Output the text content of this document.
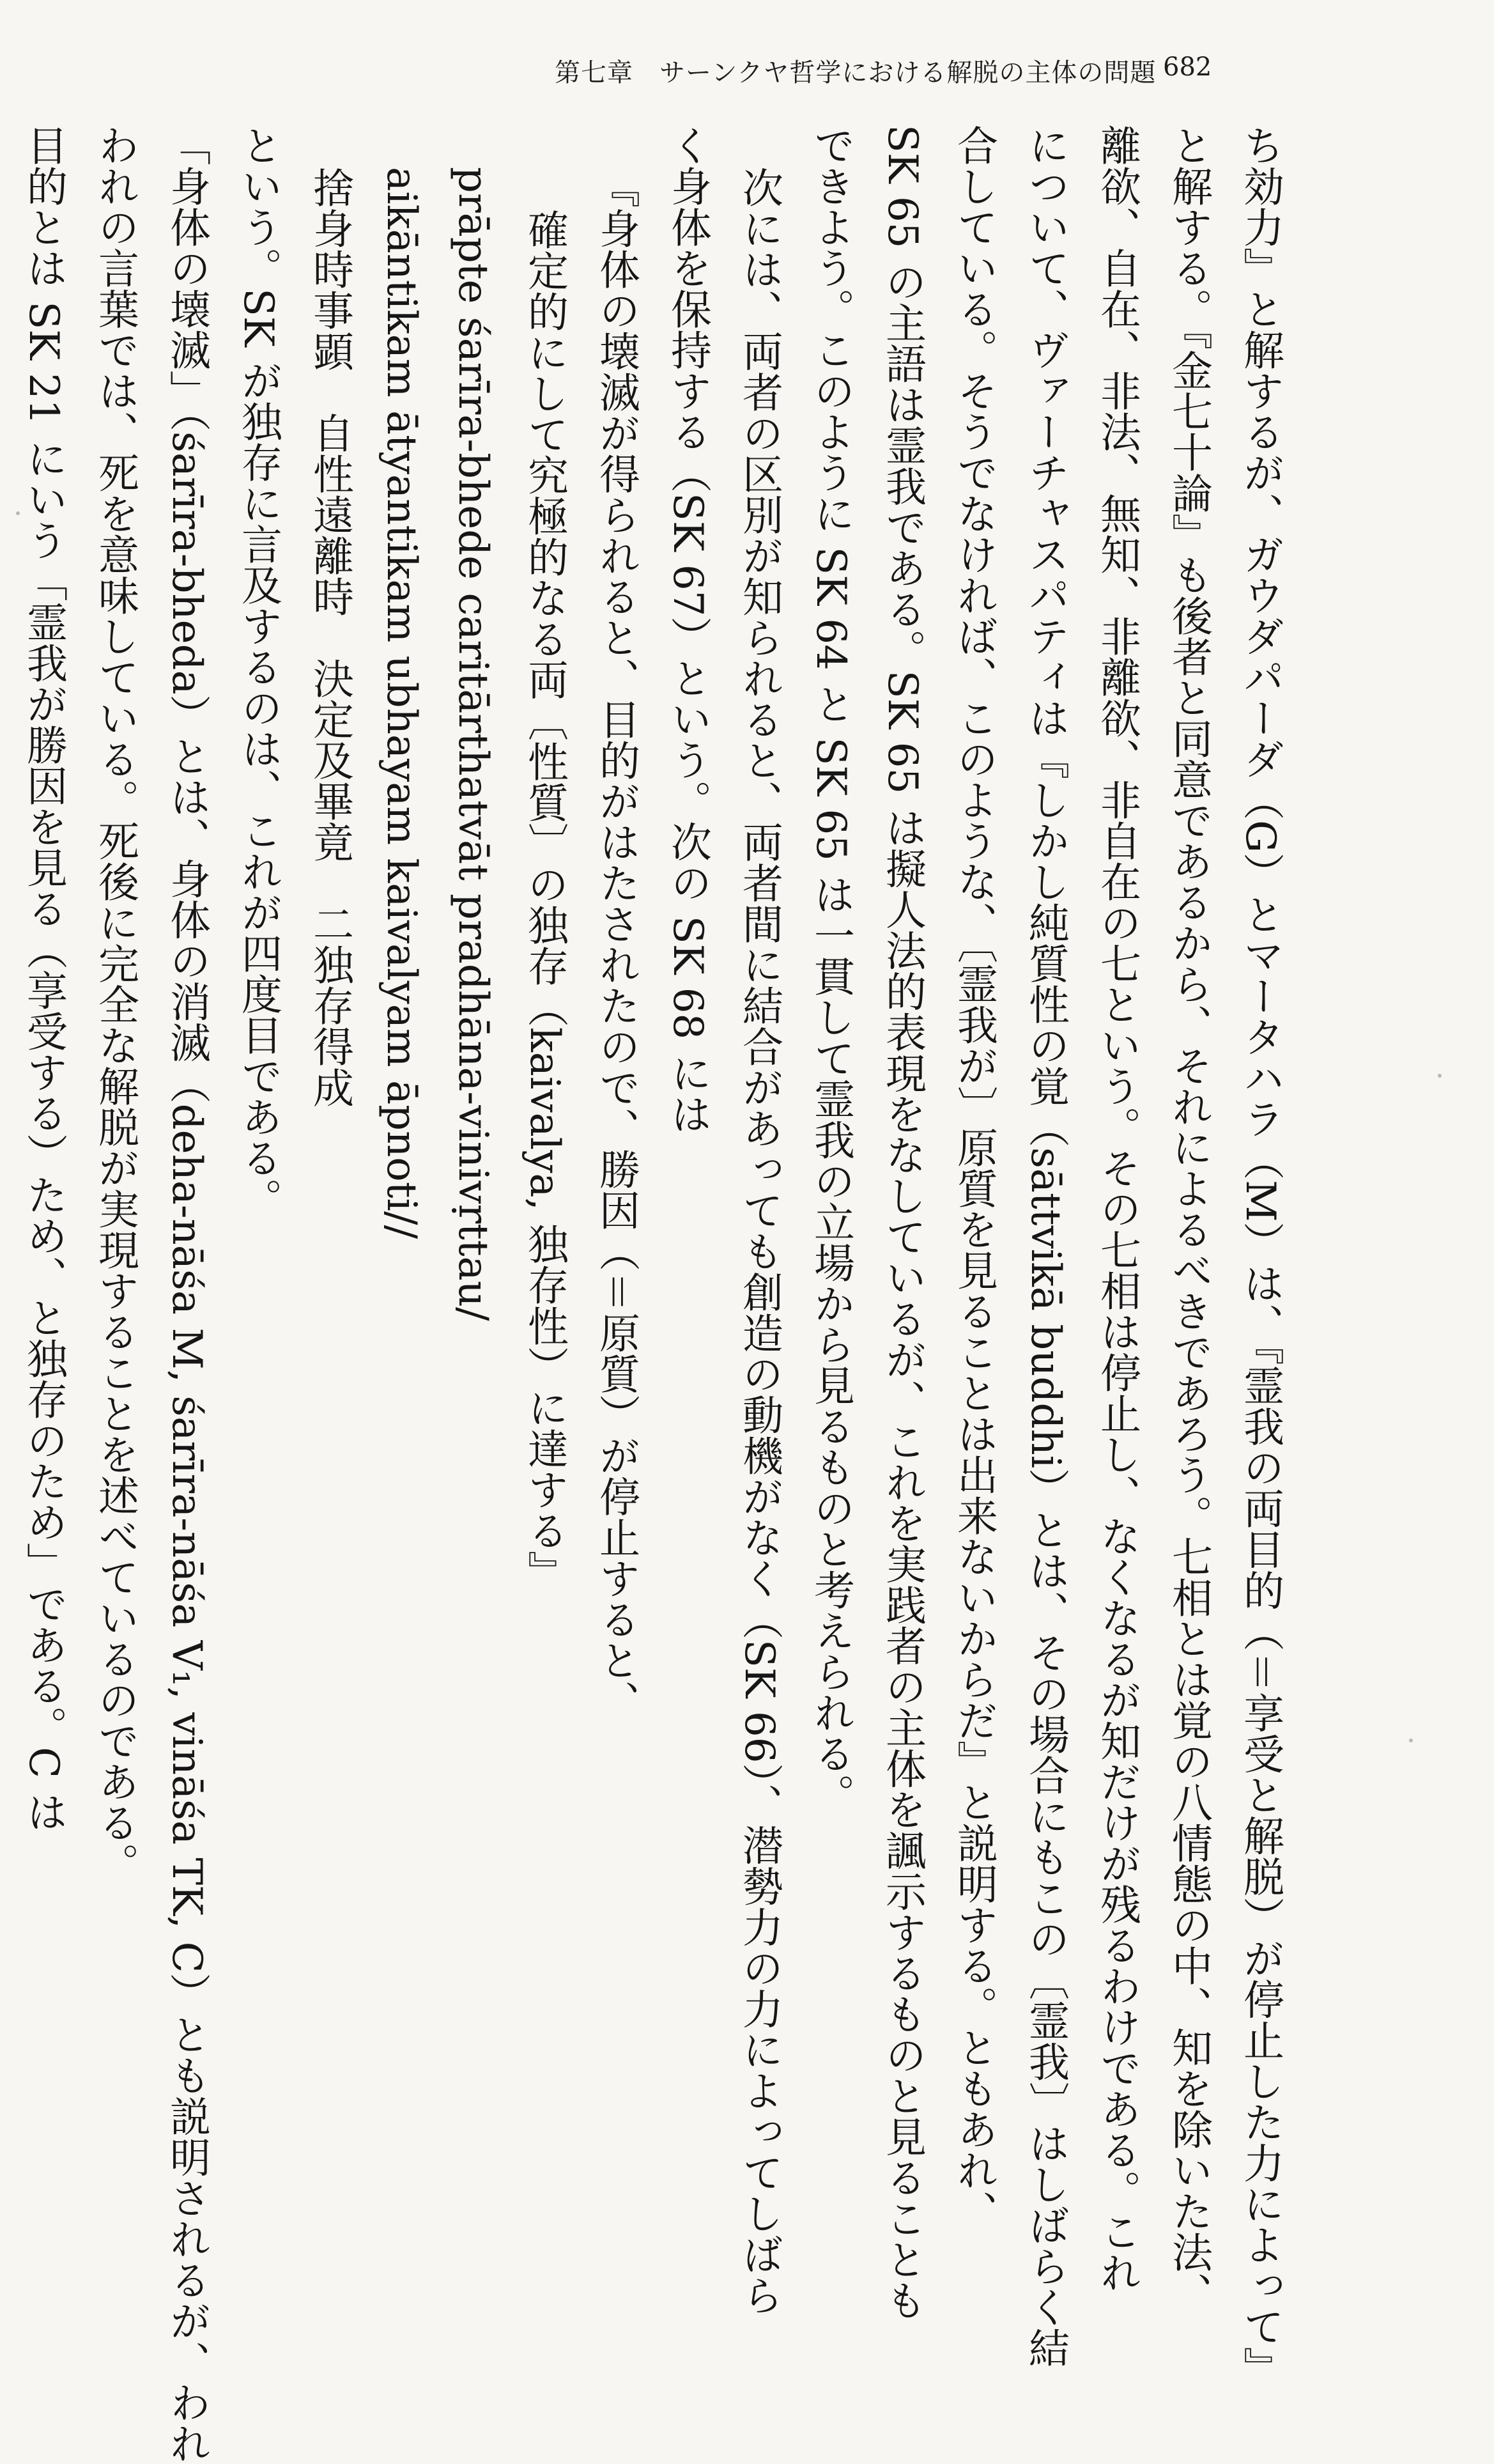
第七章　サーンクヤ哲学における解脱の主体の問題 682

ち効力』と解するが、ガウダパーダ（G）とマータハラ（M）は、『霊我の両目的（＝享受と解脱）が停止した力によって』

と解する。『金七十論』も後者と同意であるから、それによるべきであろう。七相とは覚の八情態の中、知を除いた法、

離欲、自在、非法、無知、非離欲、非自在の七という。その七相は停止し、なくなるが知だけが残るわけである。これ

について、ヴァーチャスパティは『しかし純質性の覚（sāttvikā buddhi）とは、その場合にもこの〔霊我〕はしばらく結

合している。そうでなければ、このような、〔霊我が〕原質を見ることは出来ないからだ』と説明する。ともあれ、

SK 65 の主語は霊我である。SK 65 は擬人法的表現をなしているが、これを実践者の主体を諷示するものと見ることも

できよう。このように SK 64 と SK 65 は一貫して霊我の立場から見るものと考えられる。

次には、両者の区別が知られると、両者間に結合があっても創造の動機がなく（SK 66）、潜勢力の力によってしばら

く身体を保持する（SK 67）という。次の SK 68 には

『身体の壊滅が得られると、目的がはたされたので、勝因（＝原質）が停止すると、

確定的にして究極的なる両〔性質〕の独存（kaivalya, 独存性）に達する』

prāpte śarīra-bhede caritārthatvāt pradhāna-vinivṛttau/

aikāntikam ātyantikam ubhayam kaivalyam āpnoti//

捨身時事顕　自性遠離時　決定及畢竟　二独存得成

という。SK が独存に言及するのは、これが四度目である。

「身体の壊滅」（śarīra-bheda）とは、身体の消滅（deha-nāśa M, śarīra-nāśa V₁, vināśa TK, C）とも説明されるが、われ

われの言葉では、死を意味している。死後に完全な解脱が実現することを述べているのである。

目的とは SK 21 にいう「霊我が勝因を見る（享受する）ため、と独存のため」である。C は
